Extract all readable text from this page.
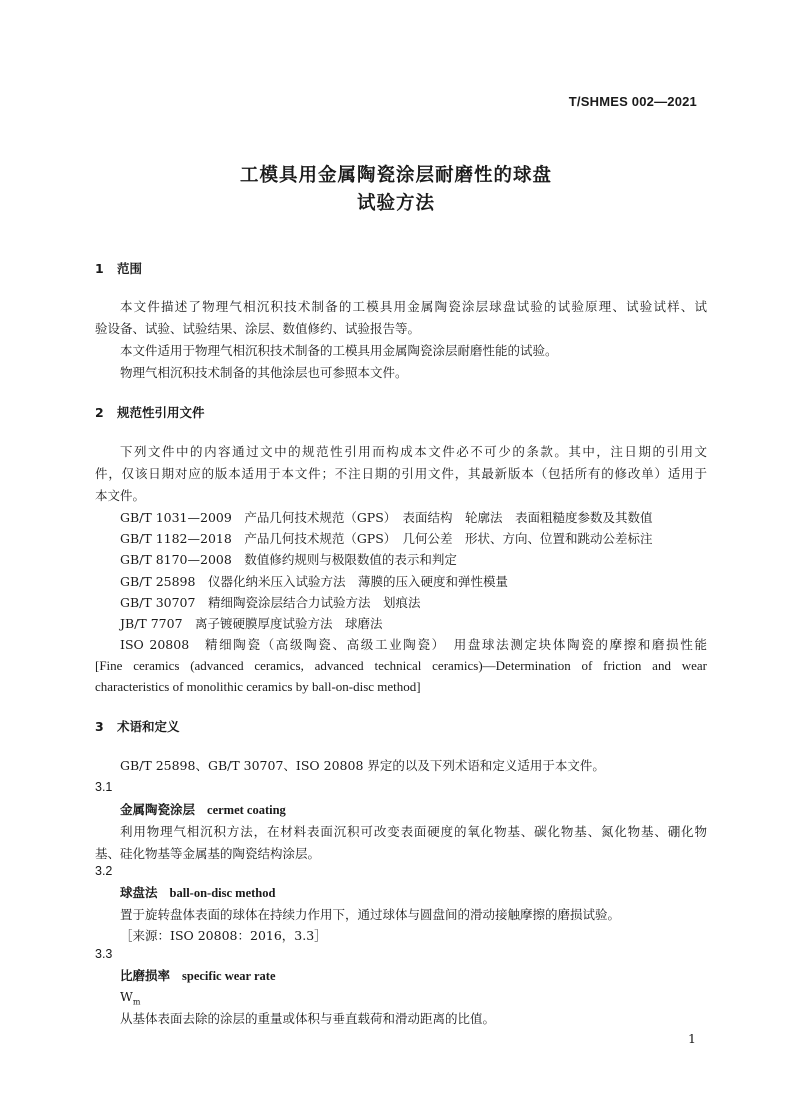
T/SHMES 002—2021
工模具用金属陶瓷涂层耐磨性的球盘
试验方法
1 范围
本文件描述了物理气相沉积技术制备的工模具用金属陶瓷涂层球盘试验的试验原理、试验试样、试
验设备、试验、试验结果、涂层、数值修约、试验报告等。
本文件适用于物理气相沉积技术制备的工模具用金属陶瓷涂层耐磨性能的试验。
物理气相沉积技术制备的其他涂层也可参照本文件。
2 规范性引用文件
下列文件中的内容通过文中的规范性引用而构成本文件必不可少的条款。其中，注日期的引用文
件，仅该日期对应的版本适用于本文件；不注日期的引用文件，其最新版本（包括所有的修改单）适用于
本文件。
GB/T 1031—2009　产品几何技术规范（GPS）　表面结构　轮廓法　表面粗糙度参数及其数值
GB/T 1182—2018　产品几何技术规范（GPS）　几何公差　形状、方向、位置和跳动公差标注
GB/T 8170—2008　数值修约规则与极限数值的表示和判定
GB/T 25898　仪器化纳米压入试验方法　薄膜的压入硬度和弹性模量
GB/T 30707　精细陶瓷涂层结合力试验方法　划痕法
JB/T 7707　离子镀硬膜厚度试验方法　球磨法
ISO 20808　精细陶瓷（高级陶瓷、高级工业陶瓷）　用盘球法测定块体陶瓷的摩擦和磨损性能
[Fine ceramics (advanced ceramics, advanced technical ceramics)—Determination of friction and wear
characteristics of monolithic ceramics by ball-on-disc method]
3 术语和定义
GB/T 25898、GB/T 30707、ISO 20808 界定的以及下列术语和定义适用于本文件。
3.1
金属陶瓷涂层 cermet coating
利用物理气相沉积方法，在材料表面沉积可改变表面硬度的氧化物基、碳化物基、氮化物基、硼化物
基、硅化物基等金属基的陶瓷结构涂层。
3.2
球盘法 ball-on-disc method
置于旋转盘体表面的球体在持续力作用下，通过球体与圆盘间的滑动接触摩擦的磨损试验。
［来源：ISO 20808：2016，3.3］
3.3
比磨损率 specific wear rate
$W_m$
从基体表面去除的涂层的重量或体积与垂直载荷和滑动距离的比值。
1
